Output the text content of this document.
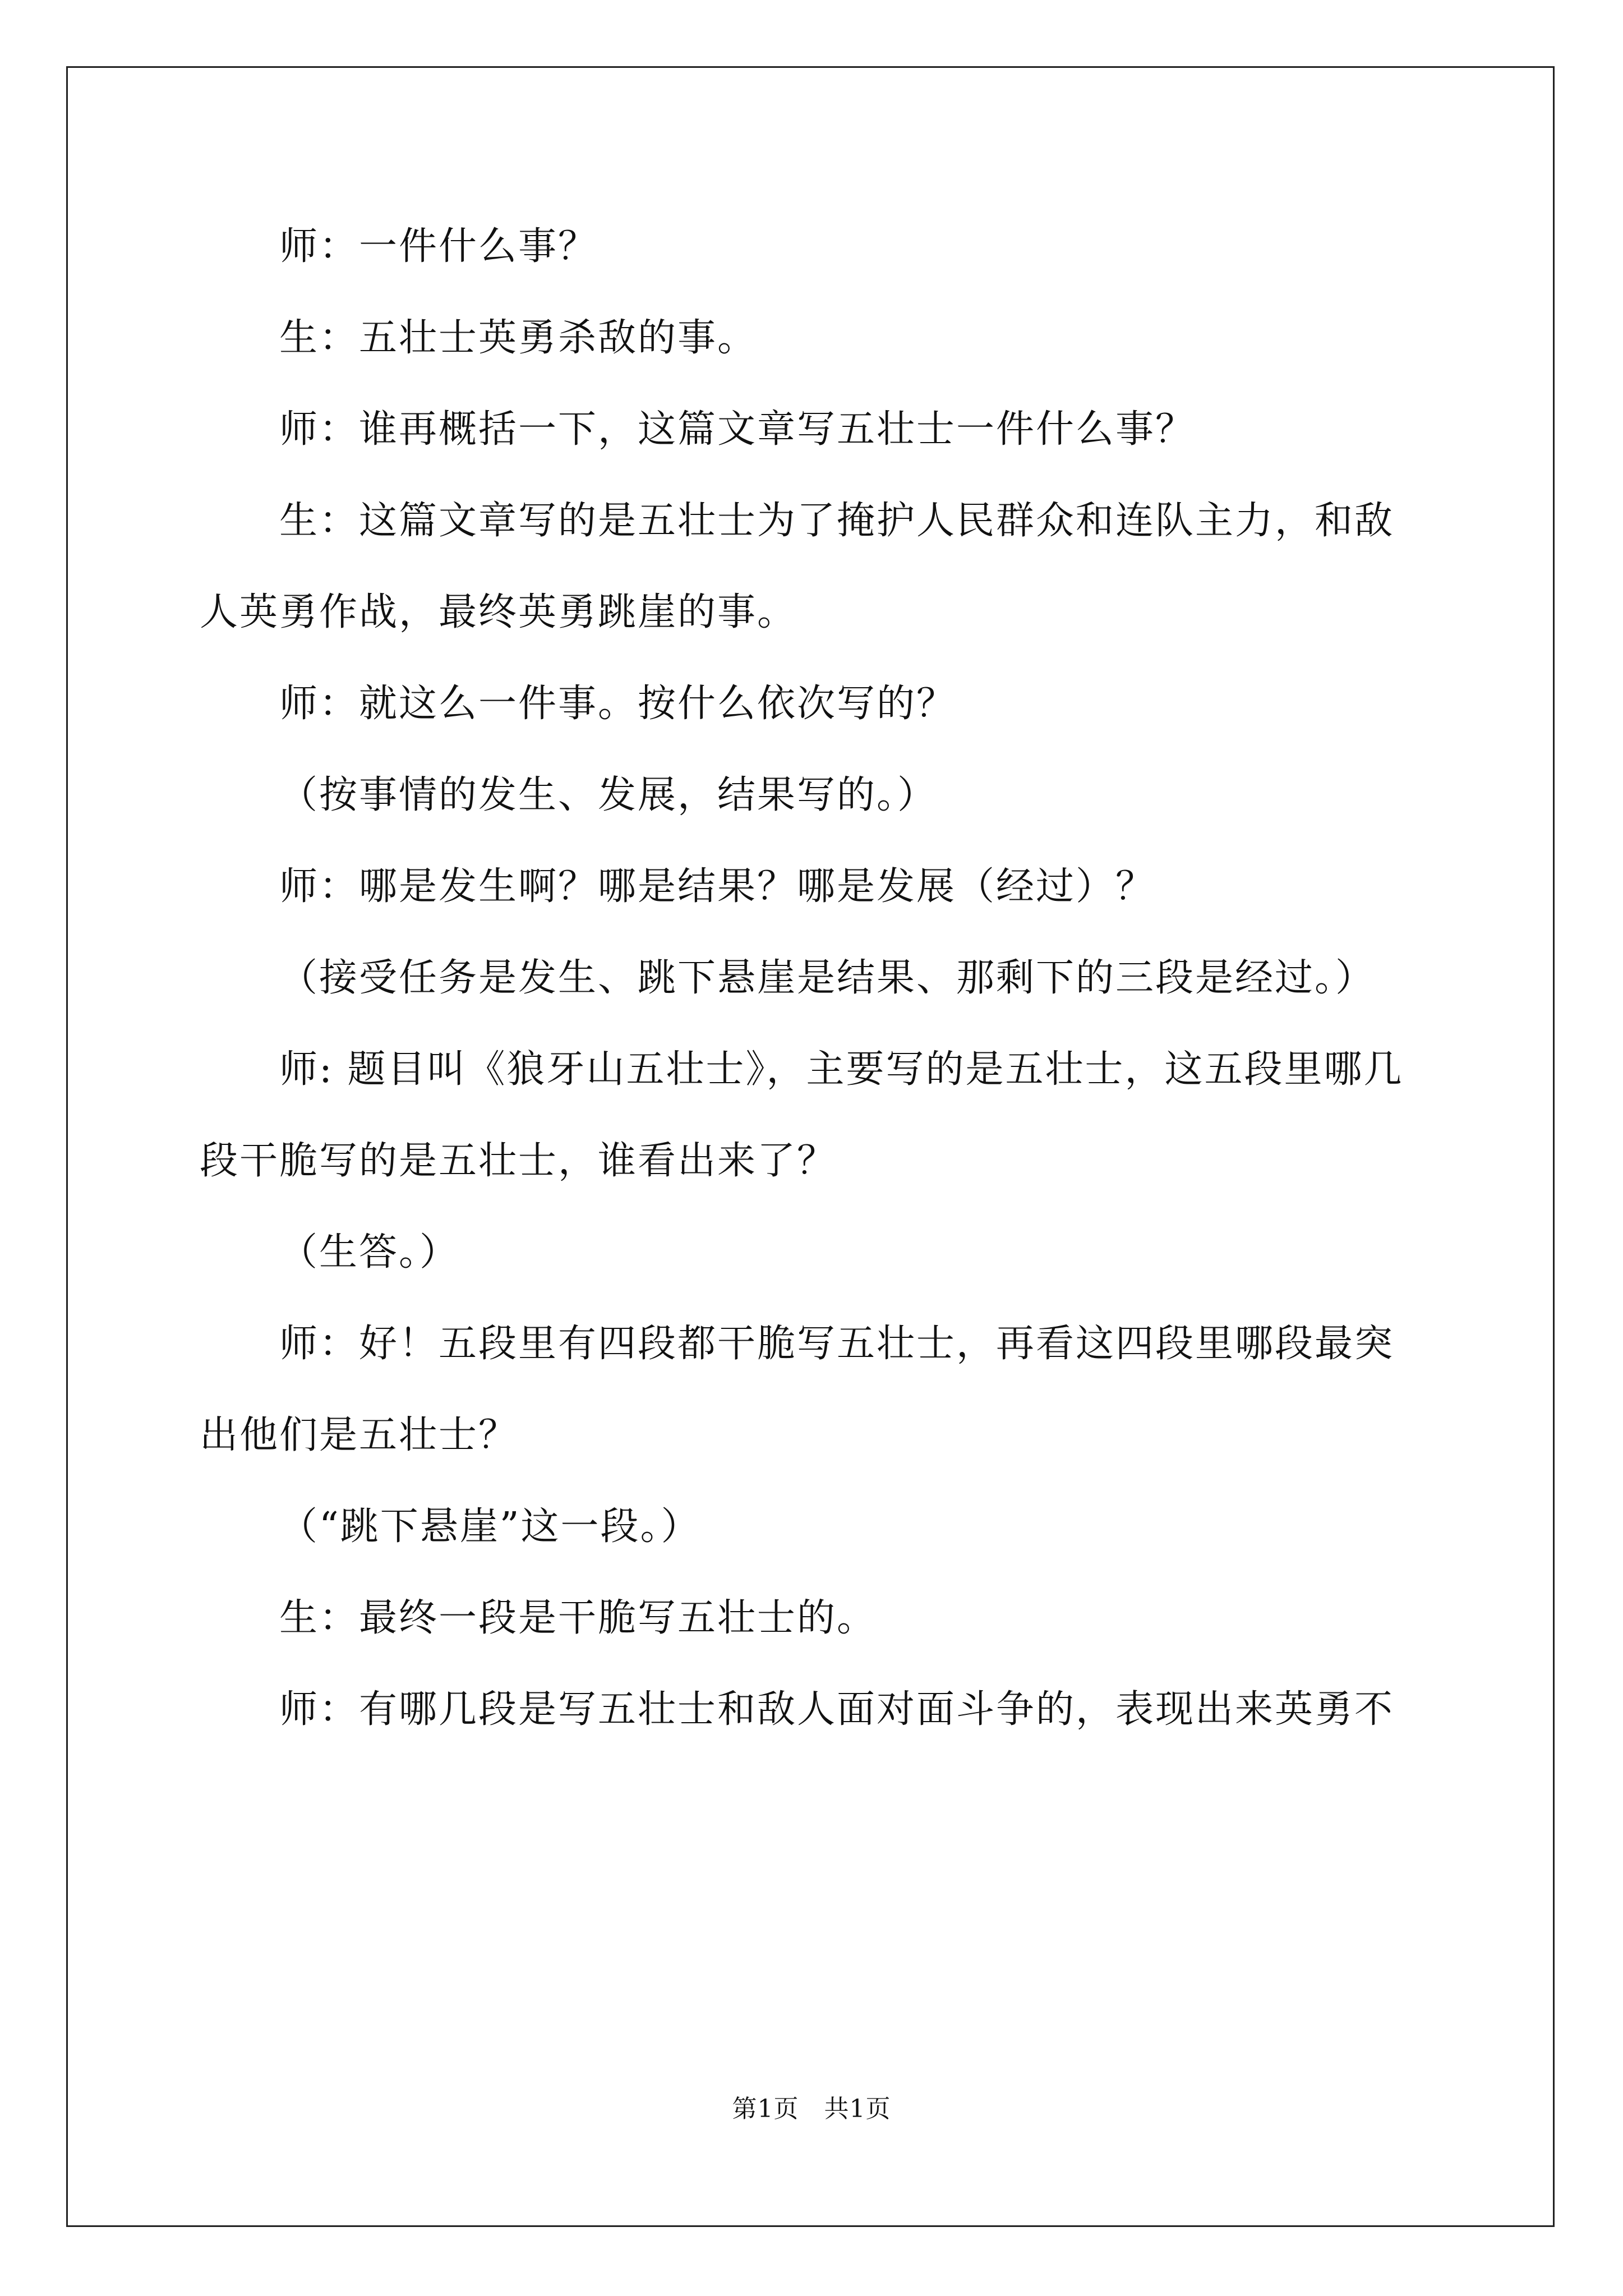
师：一件什么事？
生：五壮士英勇杀敌的事。
师：谁再概括一下，这篇文章写五壮士一件什么事？
生：这篇文章写的是五壮士为了掩护人民群众和连队主力，和敌
人英勇作战，最终英勇跳崖的事。
师：就这么一件事。按什么依次写的？
（按事情的发生、发展，结果写的。）
师：哪是发生啊？哪是结果？哪是发展（经过）？
（接受任务是发生、跳下悬崖是结果、那剩下的三段是经过。）
师: 题目叫《狼牙山五壮士》，主要写的是五壮士，这五段里哪几
段干脆写的是五壮士，谁看出来了？
（生答。）
师：好！五段里有四段都干脆写五壮士，再看这四段里哪段最突
出他们是五壮士？
（“跳下悬崖”这一段。）
生：最终一段是干脆写五壮士的。
师：有哪几段是写五壮士和敌人面对面斗争的，表现出来英勇不
第1页　共1页
